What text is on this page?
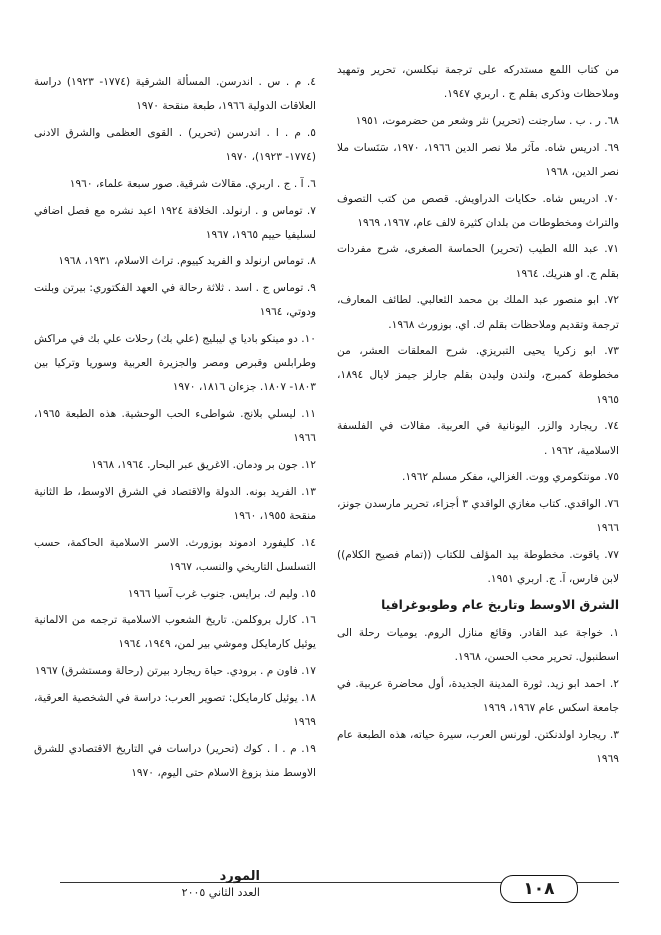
من كتاب اللمع مستدركه على ترجمة نيكلسن، تحرير وتمهيد وملاحظات وذكرى بقلم ج . اربري ١٩٤٧.

٦٨. ر . ب . سارجنت (تحرير) نثر وشعر من حضرموت، ١٩٥١

٦٩. ادريس شاه. مآثر ملا نصر الدين ١٩٦٦، ١٩٧٠، سَنَسات ملا نصر الدين، ١٩٦٨

٧٠. ادريس شاه. حكايات الدراويش. قصص من كتب التصوف والتراث ومخطوطات من بلدان كثيرة لالف عام، ١٩٦٧، ١٩٦٩

٧١. عبد الله الطيب (تحرير) الحماسة الصغرى، شرح مفردات بقلم ج. او هنريك. ١٩٦٤

٧٢. ابو منصور عبد الملك بن محمد الثعالبي. لطائف المعارف، ترجمة وتقديم وملاحظات بقلم ك. اي. بوزورث ١٩٦٨.

٧٣. ابو زكريا يحيى التبريزي. شرح المعلقات العشر، من مخطوطة كمبرج، ولندن وليدن بقلم جارلز جيمز لايال ١٨٩٤، ١٩٦٥

٧٤. ريجارد والزر. اليونانية في العربية. مقالات في الفلسفة الاسلامية، ١٩٦٢ .

٧٥. مونتكومري ووت. الغزالي، مفكر مسلم ١٩٦٢.

٧٦. الواقدي. كتاب مغازي الواقدي ٣ أجزاء، تحرير مارسدن جونز، ١٩٦٦

٧٧. ياقوت. مخطوطة بيد المؤلف للكتاب ((تمام فصيح الكلام)) لابن فارس، آ. ج. اربري ١٩٥١.

الشرق الاوسط وتاريخ عام وطوبوغرافيا

١. خواجة عبد القادر. وقائع منازل الروم. يوميات رحلة الى اسطنبول. تحرير محب الحسن، ١٩٦٨.

٢. احمد ابو زيد. ثورة المدينة الجديدة، أول محاضرة عربية. في جامعة اسكس عام ١٩٦٧، ١٩٦٩

٣. ريجارد اولدنكتن. لورنس العرب، سيرة حياته، هذه الطبعة عام ١٩٦٩

٤. م . س . اندرسن. المسألة الشرقية (١٧٧٤- ١٩٢٣) دراسة العلاقات الدولية ١٩٦٦، طبعة منقحة ١٩٧٠

٥. م . ا . اندرسن (تحرير) . القوى العظمى والشرق الادنى (١٧٧٤- ١٩٢٣)، ١٩٧٠

٦. آ . ج . اربري. مقالات شرقية. صور سبعة علماء، ١٩٦٠

٧. توماس و . ارنولد. الخلافة ١٩٢٤ اعيد نشره مع فصل اضافي لسليفيا حييم ١٩٦٥، ١٩٦٧

٨. توماس ارنولد و الفريد كييوم. تراث الاسلام، ١٩٣١، ١٩٦٨

٩. توماس ج . اسد . ثلاثة رحالة في العهد الفكتوري: بيرتن وبلنت ودوتي، ١٩٦٤

١٠. دو مينكو باديا ي ليبليج (علي بك) رحلات علي بك في مراكش وطرابلس وقبرص ومصر والجزيرة العربية وسوريا وتركيا بين ١٨٠٣- ١٨٠٧. جزءان ١٨١٦، ١٩٧٠

١١. ليسلي بلانج. شواطىء الحب الوحشية. هذه الطبعة ١٩٦٥، ١٩٦٦

١٢. جون بر ودمان. الاغريق عبر البحار. ١٩٦٤، ١٩٦٨

١٣. الفريد بونه. الدولة والاقتصاد في الشرق الاوسط، ط الثانية منقحة ١٩٥٥، ١٩٦٠

١٤. كليفورد ادموند بوزورث. الاسر الاسلامية الحاكمة، حسب التسلسل التاريخي والنسب، ١٩٦٧

١٥. وليم ك. برايس. جنوب غرب آسيا ١٩٦٦

١٦. كارل بروكلمن. تاريخ الشعوب الاسلامية ترجمه من الالمانية يوئيل كارمايكل وموشي بير لمن، ١٩٤٩، ١٩٦٤

١٧. فاون م . برودي. حياة ريجارد بيرتن (رحالة ومستشرق) ١٩٦٧

١٨. يوئيل كارمايكل: تصوير العرب: دراسة في الشخصية العرقية، ١٩٦٩

١٩. م . ا . كوك (تحرير) دراسات في التاريخ الاقتصادي للشرق الاوسط منذ بزوغ الاسلام حتى اليوم، ١٩٧٠

المورد
العدد الثاني ٢٠٠٥	١٠٨
